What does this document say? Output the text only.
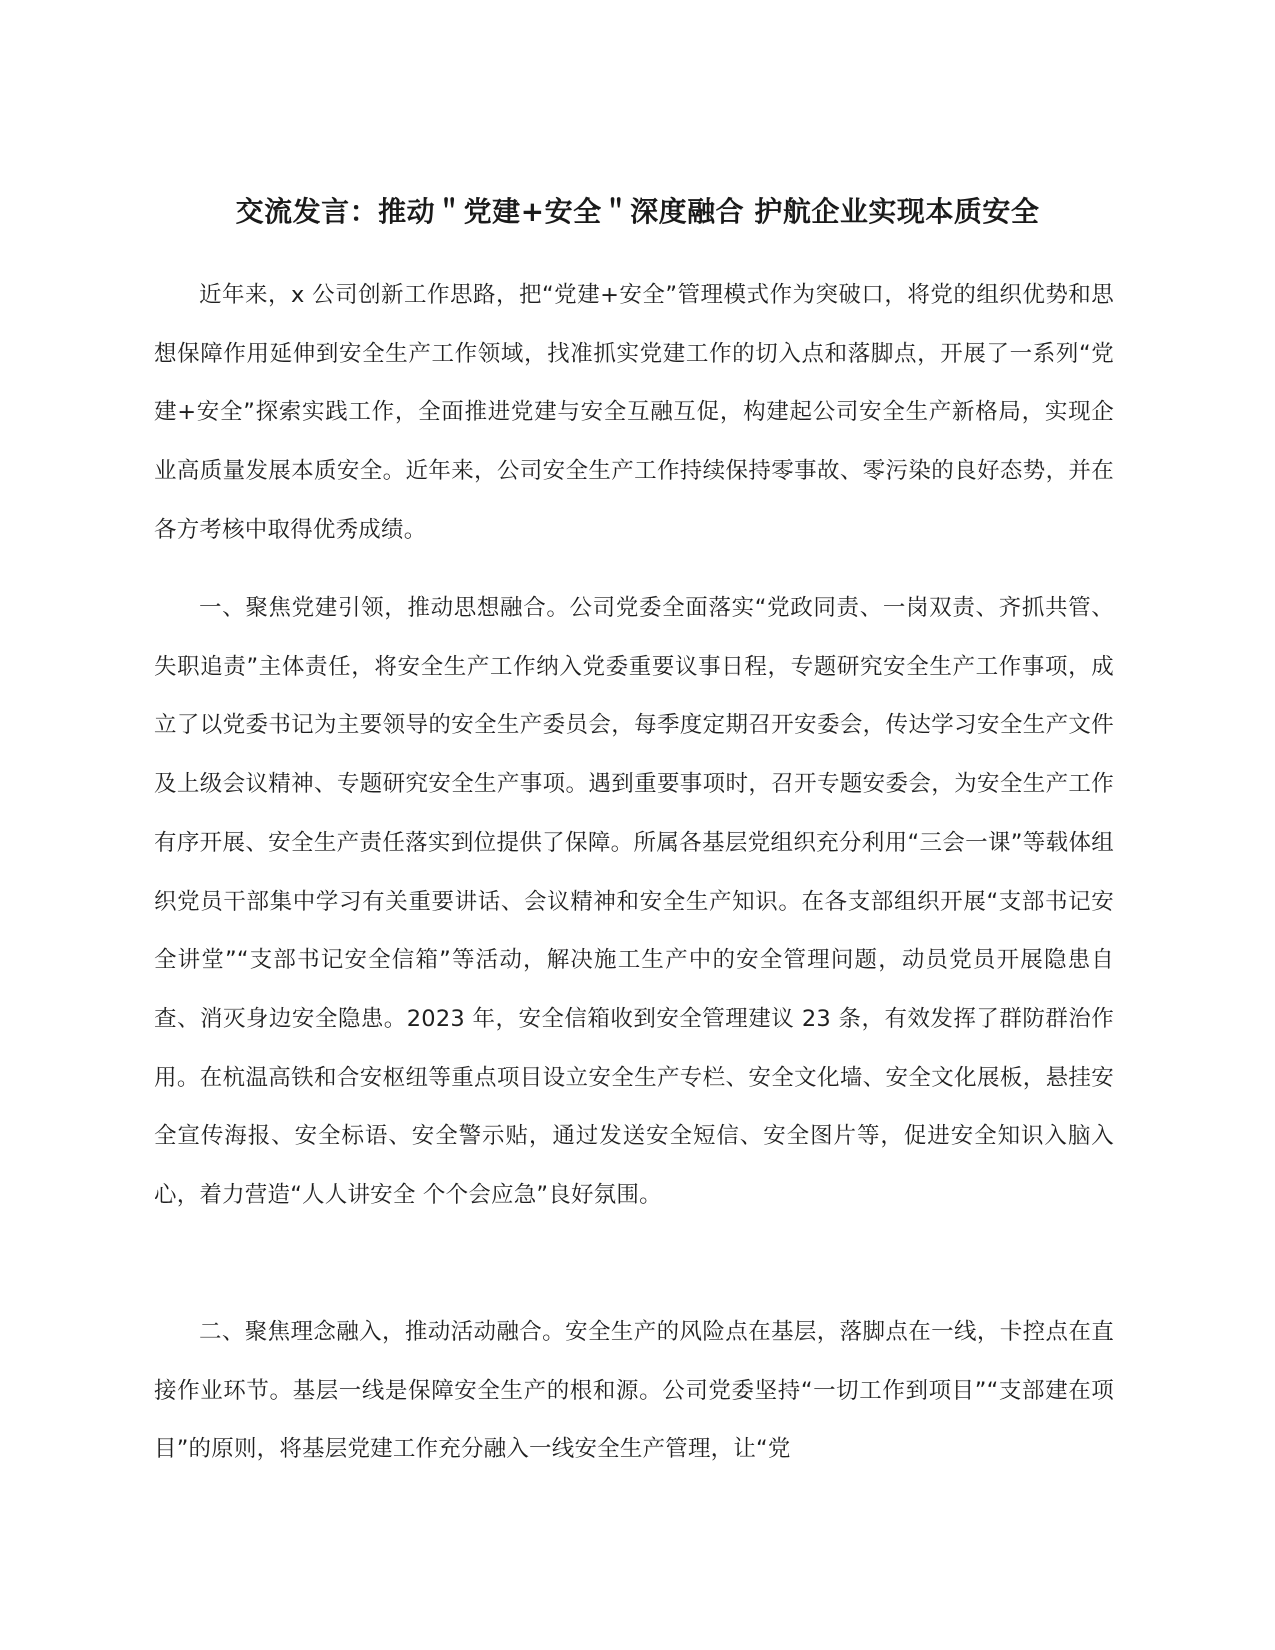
交流发言：推动＂党建+安全＂深度融合 护航企业实现本质安全

近年来，x 公司创新工作思路，把“党建+安全”管理模式作为突破口，将党的组织优势和思想保障作用延伸到安全生产工作领域，找准抓实党建工作的切入点和落脚点，开展了一系列“党建+安全”探索实践工作，全面推进党建与安全互融互促，构建起公司安全生产新格局，实现企业高质量发展本质安全。近年来，公司安全生产工作持续保持零事故、零污染的良好态势，并在各方考核中取得优秀成绩。

一、聚焦党建引领，推动思想融合。公司党委全面落实“党政同责、一岗双责、齐抓共管、失职追责”主体责任，将安全生产工作纳入党委重要议事日程，专题研究安全生产工作事项，成立了以党委书记为主要领导的安全生产委员会，每季度定期召开安委会，传达学习安全生产文件及上级会议精神、专题研究安全生产事项。遇到重要事项时，召开专题安委会，为安全生产工作有序开展、安全生产责任落实到位提供了保障。所属各基层党组织充分利用“三会一课”等载体组织党员干部集中学习有关重要讲话、会议精神和安全生产知识。在各支部组织开展“支部书记安全讲堂”“支部书记安全信箱”等活动，解决施工生产中的安全管理问题，动员党员开展隐患自查、消灭身边安全隐患。2023 年，安全信箱收到安全管理建议 23 条，有效发挥了群防群治作用。在杭温高铁和合安枢纽等重点项目设立安全生产专栏、安全文化墙、安全文化展板，悬挂安全宣传海报、安全标语、安全警示贴，通过发送安全短信、安全图片等，促进安全知识入脑入心，着力营造“人人讲安全 个个会应急”良好氛围。

二、聚焦理念融入，推动活动融合。安全生产的风险点在基层，落脚点在一线，卡控点在直接作业环节。基层一线是保障安全生产的根和源。公司党委坚持“一切工作到项目”“支部建在项目”的原则，将基层党建工作充分融入一线安全生产管理，让“党
